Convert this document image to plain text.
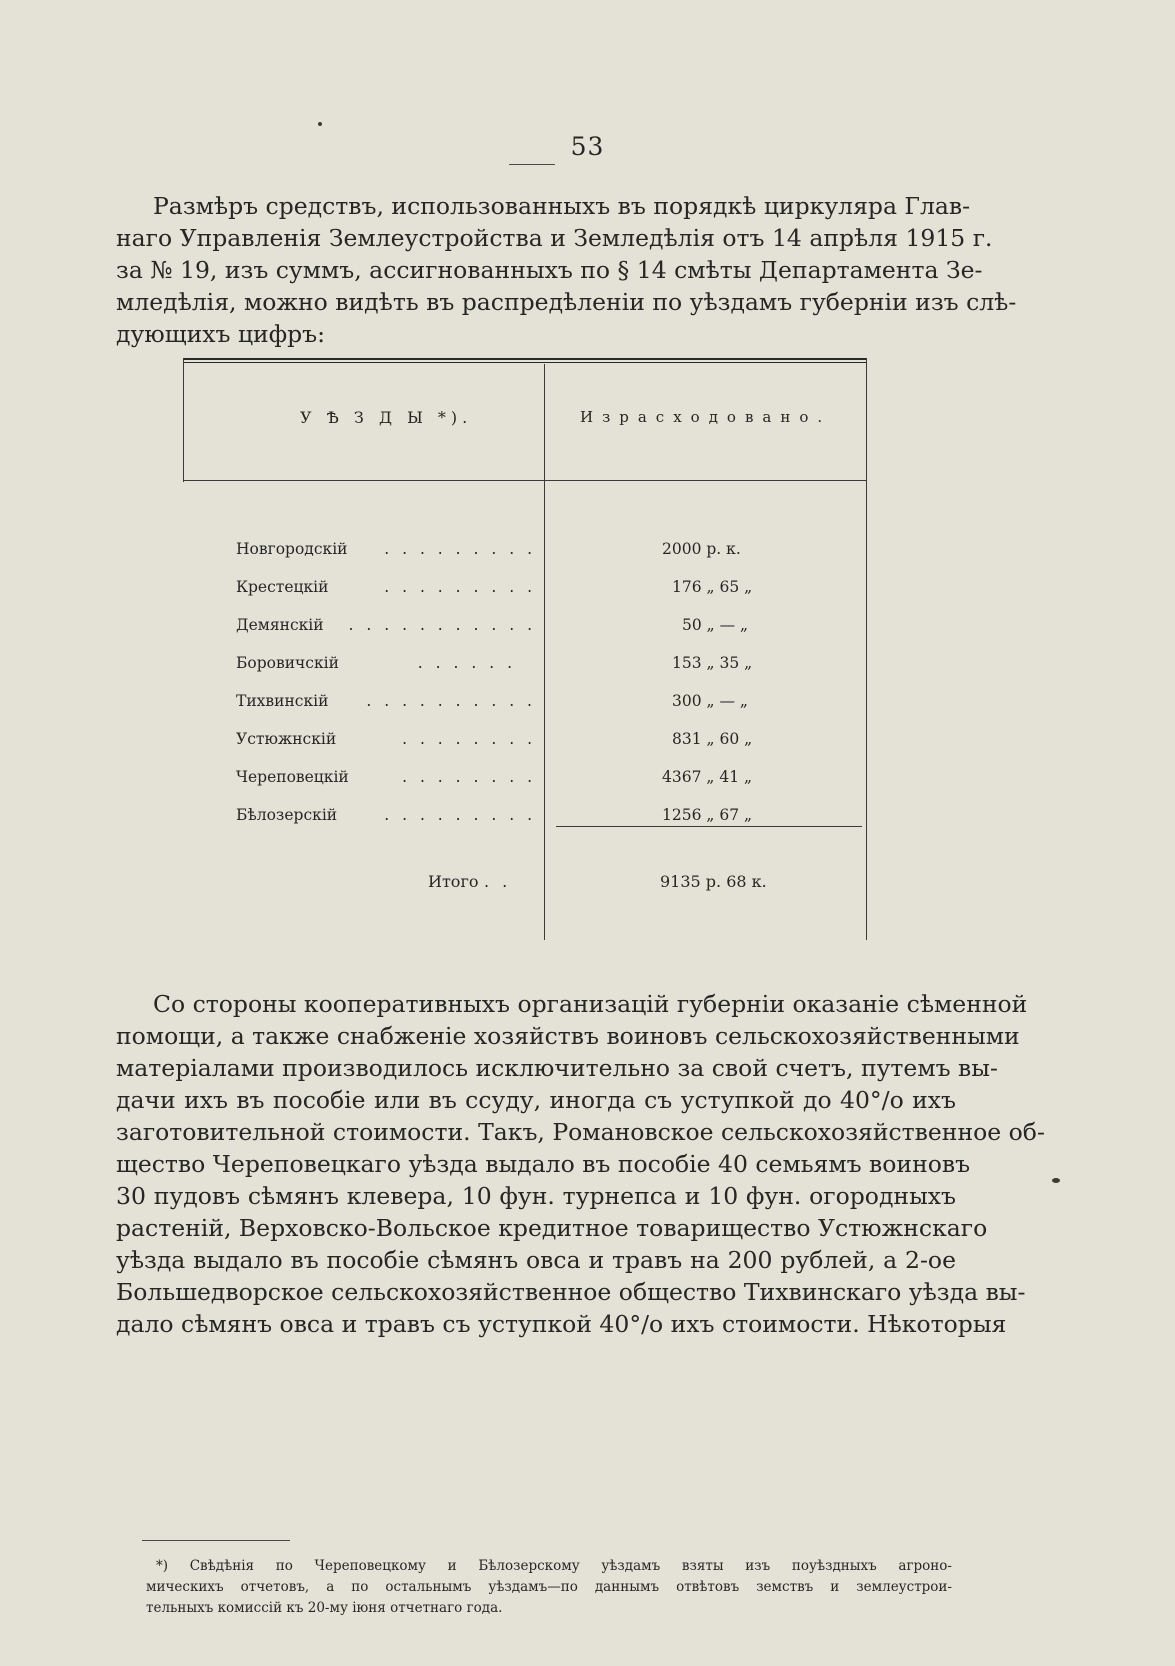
53
Размѣръ средствъ, использованныхъ въ порядкѣ циркуляра Глав-
наго Управленія Землеустройства и Земледѣлія отъ 14 апрѣля 1915 г.
за № 19, изъ суммъ, ассигнованныхъ по § 14 смѣты Департамента Зе-
мледѣлія, можно видѣть въ распредѣленіи по уѣздамъ губерніи изъ слѣ-
дующихъ цифръ:
У Ѣ З Д Ы *).	Израсходовано.
Новгородскій	. . . . . . . . .	2000 р. к.
Крестецкій	. . . . . . . . .	176 „ 65 „
Демянскій	. . . . . . . . . . .	50 „ — „
Боровичскій	. . . . . .	153 „ 35 „
Тихвинскій	. . . . . . . . . .	300 „ — „
Устюжнскій	. . . . . . . .	831 „ 60 „
Череповецкій	. . . . . . . .	4367 „ 41 „
Бѣлозерскій	. . . . . . . . .	1256 „ 67 „
Итого . .	9135 р. 68 к.
Со стороны кооперативныхъ организацій губерніи оказаніе сѣменной
помощи, а также снабженіе хозяйствъ воиновъ сельскохозяйственными
матеріалами производилось исключительно за свой счетъ, путемъ вы-
дачи ихъ въ пособіе или въ ссуду, иногда съ уступкой до 40°/о ихъ
заготовительной стоимости. Такъ, Романовское сельскохозяйственное об-
щество Череповецкаго уѣзда выдало въ пособіе 40 семьямъ воиновъ
30 пудовъ сѣмянъ клевера, 10 фун. турнепса и 10 фун. огородныхъ
растеній, Верховско-Вольское кредитное товарищество Устюжнскаго
уѣзда выдало въ пособіе сѣмянъ овса и травъ на 200 рублей, а 2-ое
Большедворское сельскохозяйственное общество Тихвинскаго уѣзда вы-
дало сѣмянъ овса и травъ съ уступкой 40°/о ихъ стоимости. Нѣкоторыя
*) Свѣдѣнія по Череповецкому и Бѣлозерскому уѣздамъ взяты изъ поуѣздныхъ агроно-
мическихъ отчетовъ, а по остальнымъ уѣздамъ—по даннымъ отвѣтовъ земствъ и землеустрои-
тельныхъ комиссій къ 20-му іюня отчетнаго года.
